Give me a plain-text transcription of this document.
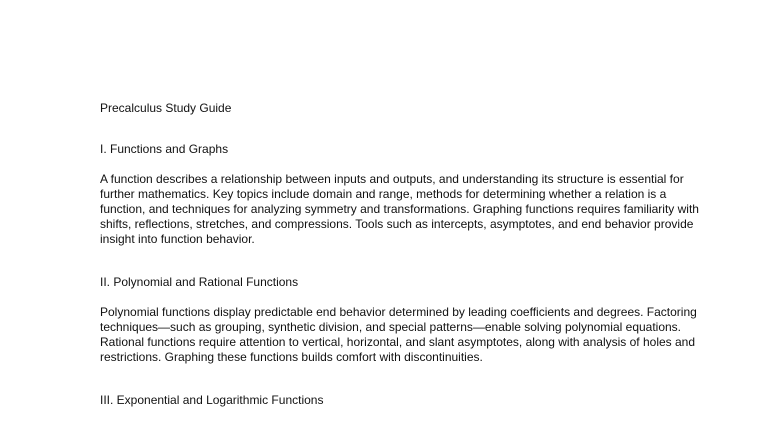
Precalculus Study Guide
I. Functions and Graphs

A function describes a relationship between inputs and outputs, and understanding its structure is essential for further mathematics. Key topics include domain and range, methods for determining whether a relation is a function, and techniques for analyzing symmetry and transformations. Graphing functions requires familiarity with shifts, reflections, stretches, and compressions. Tools such as intercepts, asymptotes, and end behavior provide insight into function behavior.

II. Polynomial and Rational Functions

Polynomial functions display predictable end behavior determined by leading coefficients and degrees. Factoring techniques—such as grouping, synthetic division, and special patterns—enable solving polynomial equations. Rational functions require attention to vertical, horizontal, and slant asymptotes, along with analysis of holes and restrictions. Graphing these functions builds comfort with discontinuities.

III. Exponential and Logarithmic Functions
